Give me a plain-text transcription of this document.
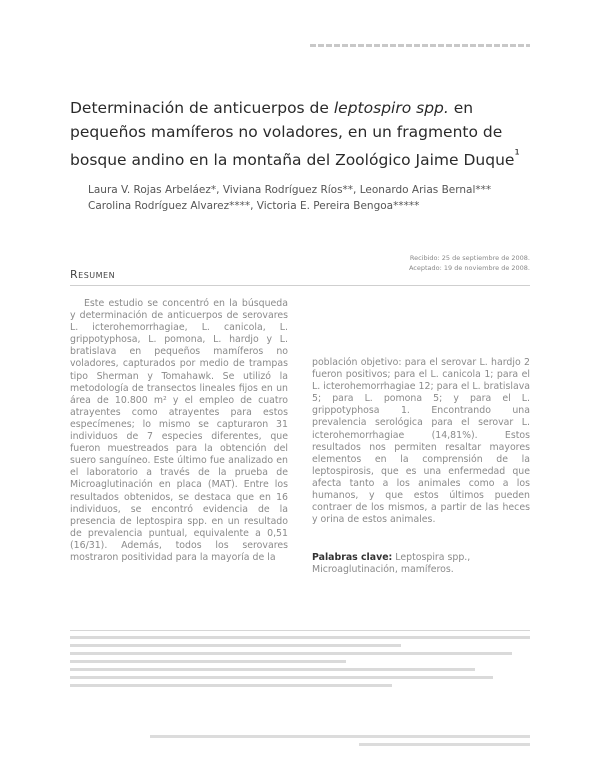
Determinación de anticuerpos de leptospiro spp. en pequeños mamíferos no voladores, en un fragmento de bosque andino en la montaña del Zoológico Jaime Duque$^{^1}$
Laura V. Rojas Arbeláez*, Viviana Rodríguez Ríos**, Leonardo Arias Bernal***
Carolina Rodríguez Alvarez****, Victoria E. Pereira Bengoa*****
Recibido: 25 de septiembre de 2008.
Aceptado: 19 de noviembre de 2008.
Resumen

Este estudio se concentró en la búsqueda y determinación de anticuerpos de serovares L. icterohemorrhagiae, L. canicola, L. grippotyphosa, L. pomona, L. hardjo y L. bratislava en pequeños mamíferos no voladores, capturados por medio de trampas tipo Sherman y Tomahawk. Se utilizó la metodología de transectos lineales fijos en un área de 10.800 m² y el empleo de cuatro atrayentes como atrayentes para estos especímenes; lo mismo se capturaron 31 individuos de 7 especies diferentes, que fueron muestreados para la obtención del suero sanguíneo. Este último fue analizado en el laboratorio a través de la prueba de Microaglutinación en placa (MAT). Entre los resultados obtenidos, se destaca que en 16 individuos, se encontró evidencia de la presencia de leptospira spp. en un resultado de prevalencia puntual, equivalente a 0,51 (16/31). Además, todos los serovares mostraron positividad para la mayoría de la

población objetivo: para el serovar L. hardjo 2 fueron positivos; para el L. canicola 1; para el L. icterohemorrhagiae 12; para el L. bratislava 5; para L. pomona 5; y para el L. grippotyphosa 1. Encontrando una prevalencia serológica para el serovar L. icterohemorrhagiae (14,81%). Estos resultados nos permiten resaltar mayores elementos en la comprensión de la leptospirosis, que es una enfermedad que afecta tanto a los animales como a los humanos, y que estos últimos pueden contraer de los mismos, a partir de las heces y orina de estos animales.

Palabras clave: Leptospira spp., Microaglutinación, mamíferos.
